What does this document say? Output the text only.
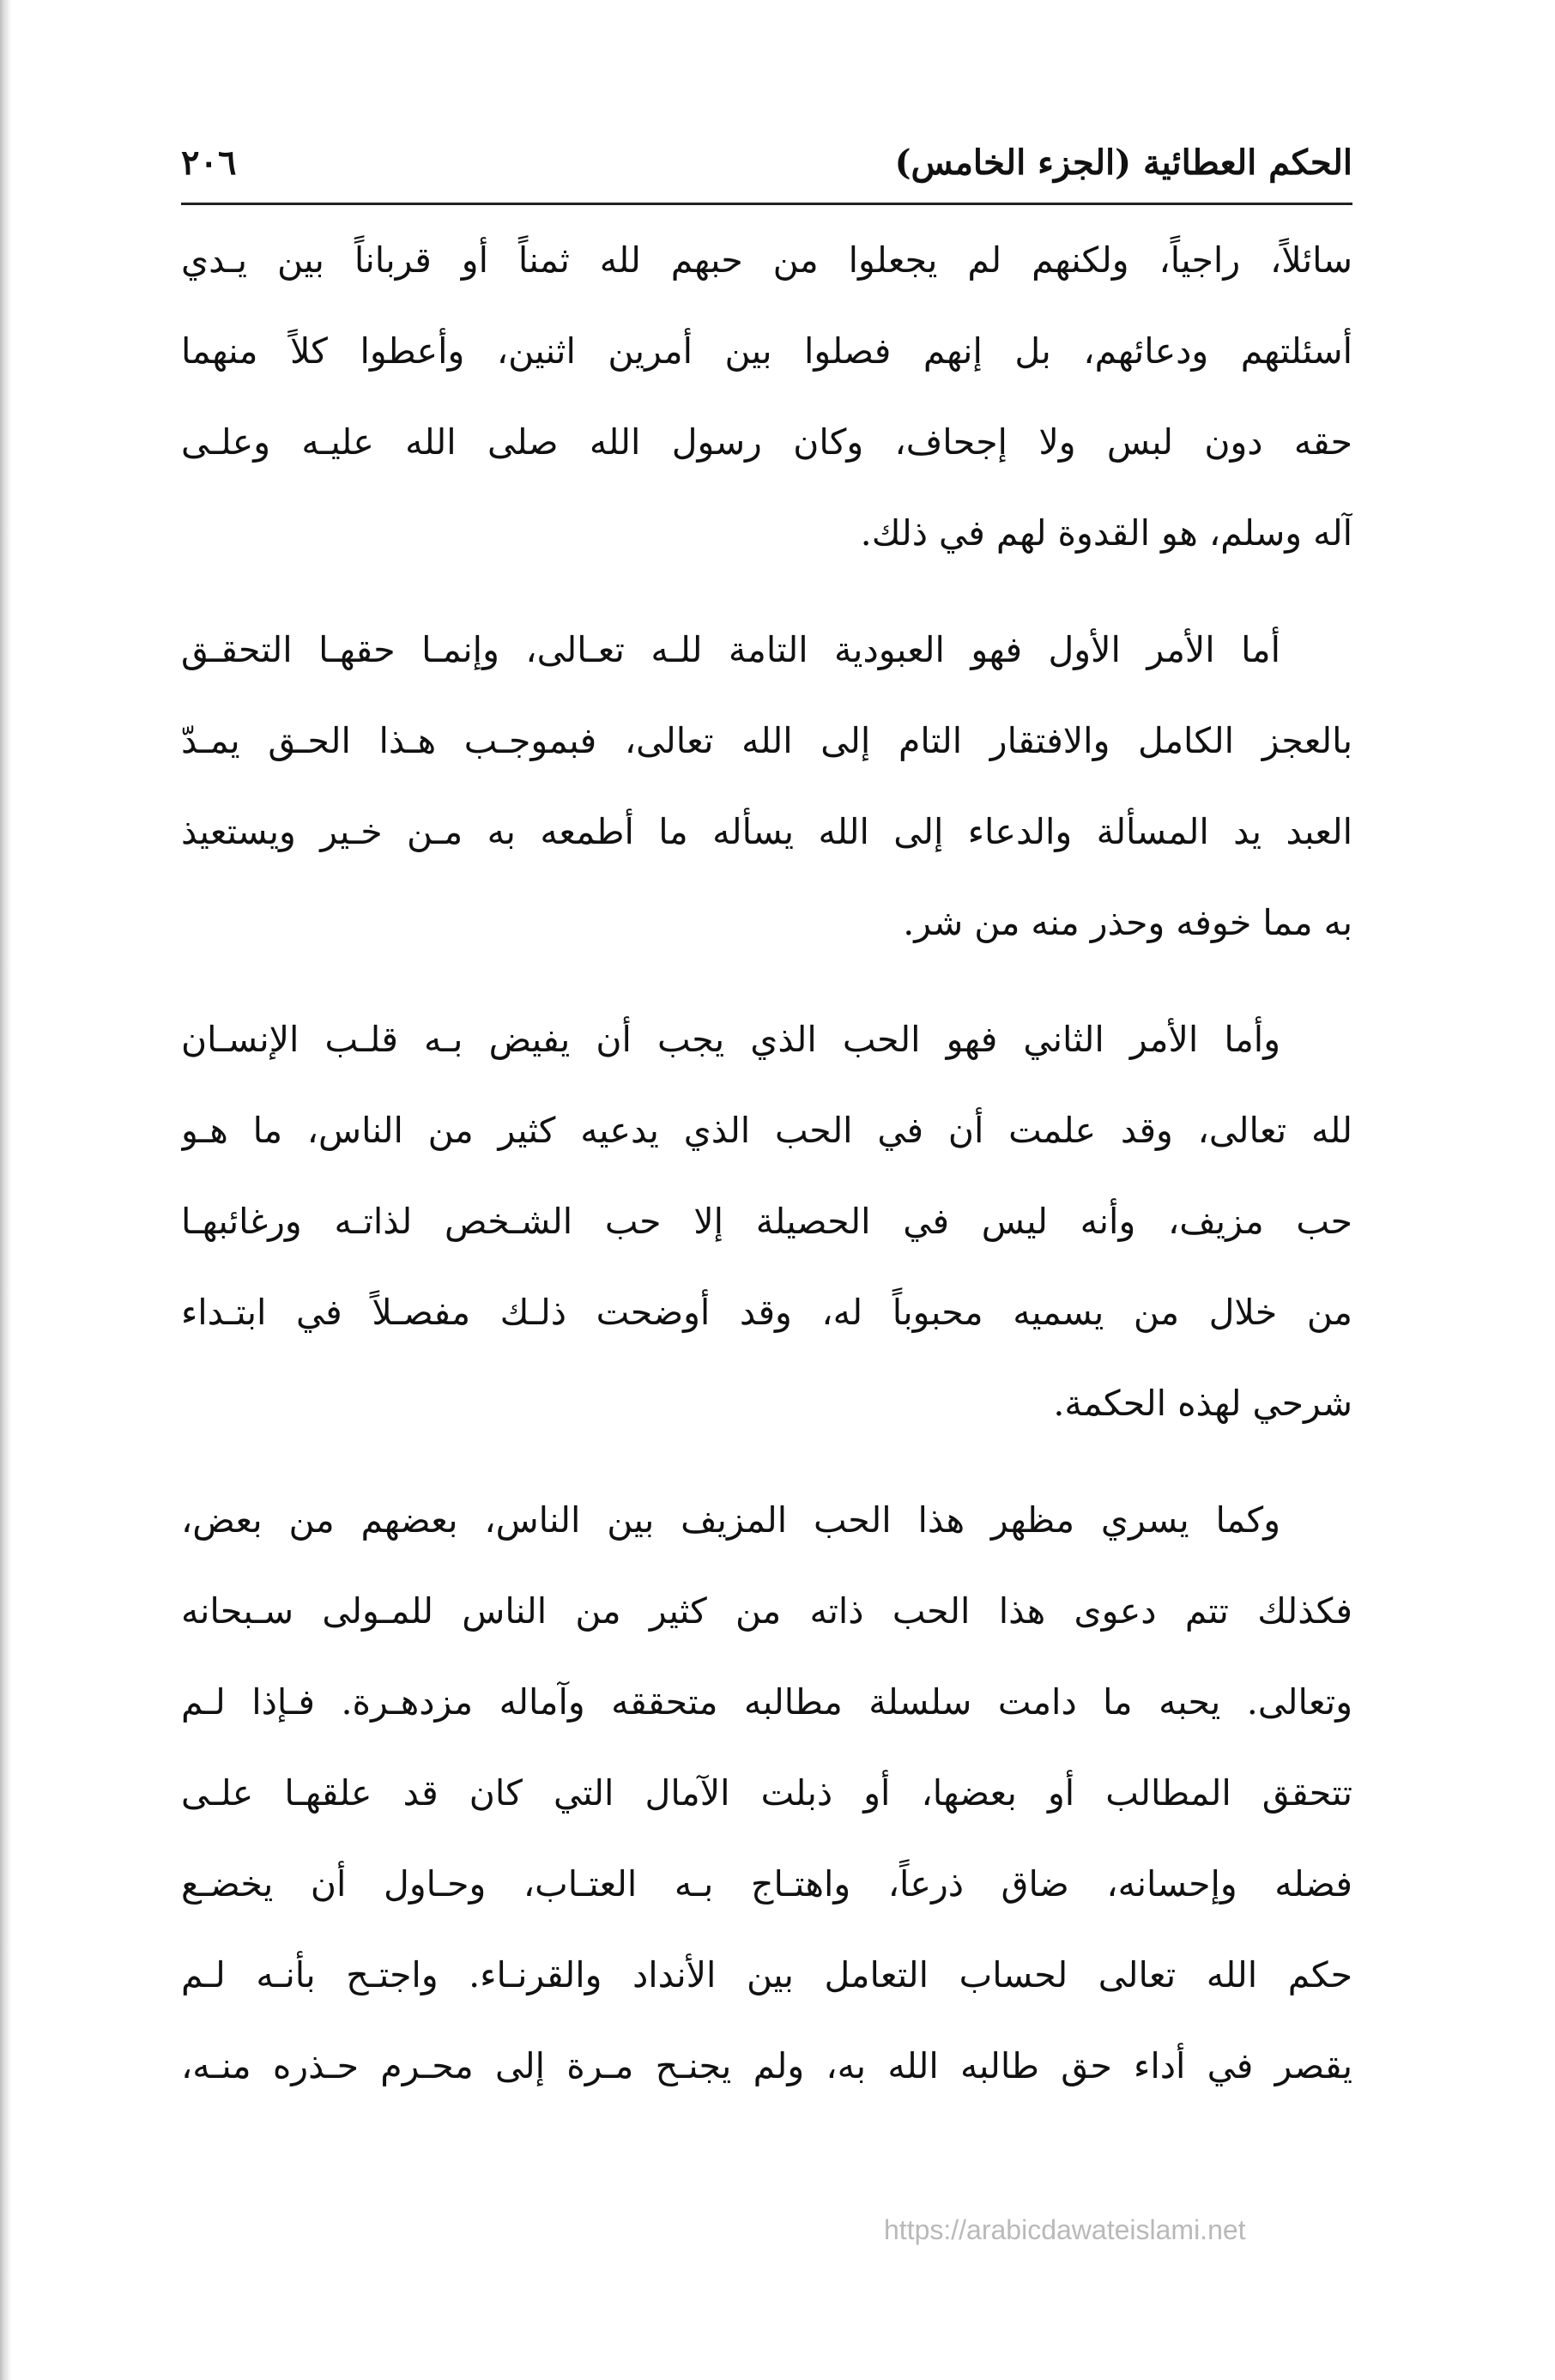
الحكم العطائية (الجزء الخامس)
٢٠٦

سائلاً، راجياً، ولكنهم لم يجعلوا من حبهم لله ثمناً أو قرباناً بين يـدي
أسئلتهم ودعائهم، بل إنهم فصلوا بين أمرين اثنين، وأعطوا كلاً منهما
حقه دون لبس ولا إجحاف، وكان رسول الله صلى الله عليـه وعلـى
آله وسلم، هو القدوة لهم في ذلك.

أما الأمر الأول فهو العبودية التامة للـه تعـالى، وإنمـا حقهـا التحقـق
بالعجز الكامل والافتقار التام إلى الله تعالى، فبموجـب هـذا الحـق يمـدّ
العبد يد المسألة والدعاء إلى الله يسأله ما أطمعه به مـن خـير ويستعيذ
به مما خوفه وحذر منه من شر.

وأما الأمر الثاني فهو الحب الذي يجب أن يفيض بـه قلـب الإنسـان
لله تعالى، وقد علمت أن في الحب الذي يدعيه كثير من الناس، ما هـو
حب مزيف، وأنه ليس في الحصيلة إلا حب الشـخص لذاتـه ورغائبهـا
من خلال من يسميه محبوباً له، وقد أوضحت ذلـك مفصـلاً في ابتـداء
شرحي لهذه الحكمة.

وكما يسري مظهر هذا الحب المزيف بين الناس، بعضهم من بعض،
فكذلك تتم دعوى هذا الحب ذاته من كثير من الناس للمـولى سـبحانه
وتعالى. يحبه ما دامت سلسلة مطالبه متحققه وآماله مزدهـرة. فـإذا لـم
تتحقق المطالب أو بعضها، أو ذبلت الآمال التي كان قد علقهـا علـى
فضله وإحسانه، ضاق ذرعاً، واهتـاج بـه العتـاب، وحـاول أن يخضـع
حكم الله تعالى لحساب التعامل بين الأنداد والقرنـاء. واجتـح بأنـه لـم
يقصر في أداء حق طالبه الله به، ولم يجنـح مـرة إلى محـرم حـذره منـه،

https://arabicdawateislami.net
